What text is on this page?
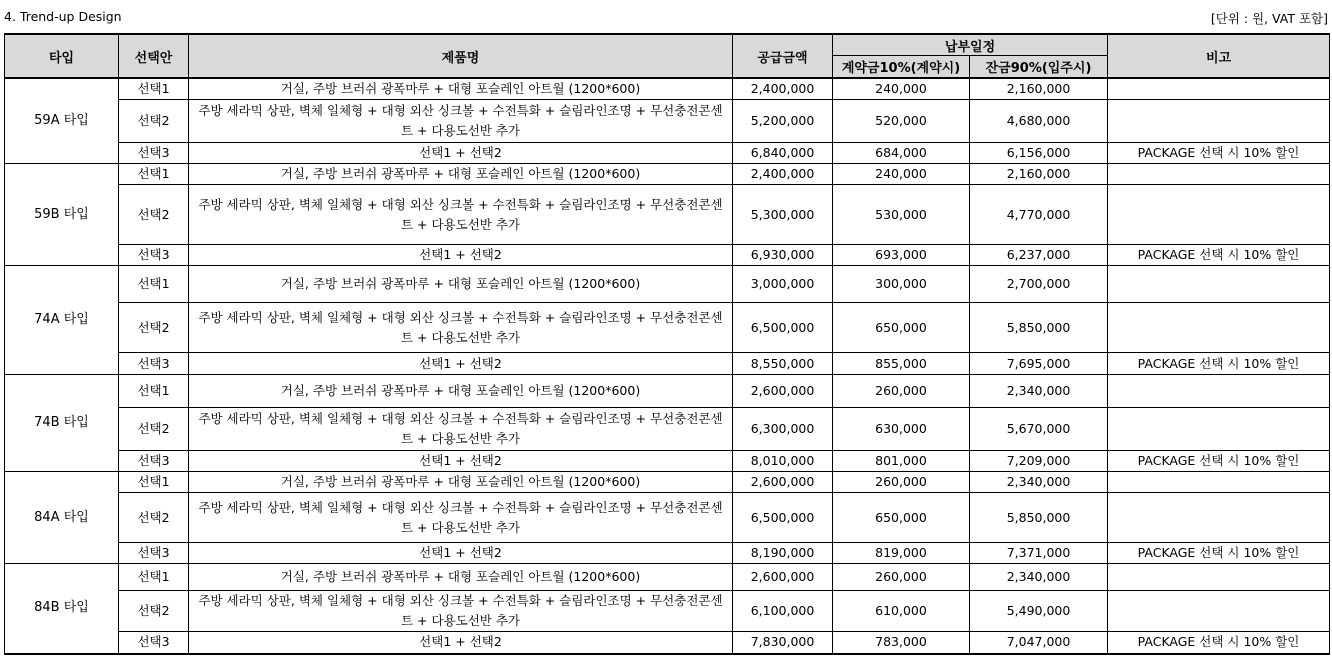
4. Trend-up Design	[단위 : 원, VAT 포함]
타입	선택안	제품명	공급금액	납부일정		비고
				계약금10%(계약시)	잔금90%(입주시)	
59A 타입	선택1	거실, 주방 브러쉬 광폭마루 + 대형 포슬레인 아트월 (1200*600)	2,400,000	240,000	2,160,000	
	선택2	주방 세라믹 상판, 벽체 일체형 + 대형 외산 싱크볼 + 수전특화 + 슬림라인조명 + 무선충전콘센트 + 다용도선반 추가	5,200,000	520,000	4,680,000	
	선택3	선택1 + 선택2	6,840,000	684,000	6,156,000	PACKAGE 선택 시 10% 할인
59B 타입	선택1	거실, 주방 브러쉬 광폭마루 + 대형 포슬레인 아트월 (1200*600)	2,400,000	240,000	2,160,000	
	선택2	주방 세라믹 상판, 벽체 일체형 + 대형 외산 싱크볼 + 수전특화 + 슬림라인조명 + 무선충전콘센트 + 다용도선반 추가	5,300,000	530,000	4,770,000	
	선택3	선택1 + 선택2	6,930,000	693,000	6,237,000	PACKAGE 선택 시 10% 할인
74A 타입	선택1	거실, 주방 브러쉬 광폭마루 + 대형 포슬레인 아트월 (1200*600)	3,000,000	300,000	2,700,000	
	선택2	주방 세라믹 상판, 벽체 일체형 + 대형 외산 싱크볼 + 수전특화 + 슬림라인조명 + 무선충전콘센트 + 다용도선반 추가	6,500,000	650,000	5,850,000	
	선택3	선택1 + 선택2	8,550,000	855,000	7,695,000	PACKAGE 선택 시 10% 할인
74B 타입	선택1	거실, 주방 브러쉬 광폭마루 + 대형 포슬레인 아트월 (1200*600)	2,600,000	260,000	2,340,000	
	선택2	주방 세라믹 상판, 벽체 일체형 + 대형 외산 싱크볼 + 수전특화 + 슬림라인조명 + 무선충전콘센트 + 다용도선반 추가	6,300,000	630,000	5,670,000	
	선택3	선택1 + 선택2	8,010,000	801,000	7,209,000	PACKAGE 선택 시 10% 할인
84A 타입	선택1	거실, 주방 브러쉬 광폭마루 + 대형 포슬레인 아트월 (1200*600)	2,600,000	260,000	2,340,000	
	선택2	주방 세라믹 상판, 벽체 일체형 + 대형 외산 싱크볼 + 수전특화 + 슬림라인조명 + 무선충전콘센트 + 다용도선반 추가	6,500,000	650,000	5,850,000	
	선택3	선택1 + 선택2	8,190,000	819,000	7,371,000	PACKAGE 선택 시 10% 할인
84B 타입	선택1	거실, 주방 브러쉬 광폭마루 + 대형 포슬레인 아트월 (1200*600)	2,600,000	260,000	2,340,000	
	선택2	주방 세라믹 상판, 벽체 일체형 + 대형 외산 싱크볼 + 수전특화 + 슬림라인조명 + 무선충전콘센트 + 다용도선반 추가	6,100,000	610,000	5,490,000	
	선택3	선택1 + 선택2	7,830,000	783,000	7,047,000	PACKAGE 선택 시 10% 할인
